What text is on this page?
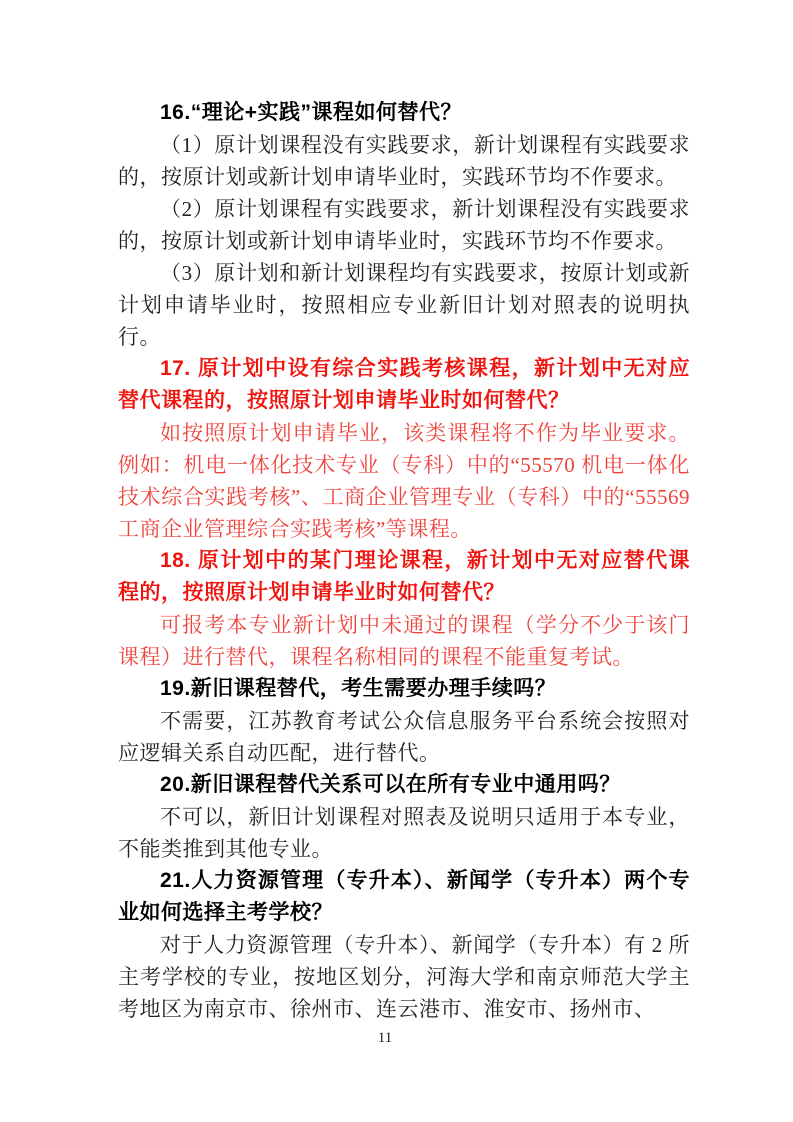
16.“理论+实践”课程如何替代？

（1）原计划课程没有实践要求，新计划课程有实践要求的，按原计划或新计划申请毕业时，实践环节均不作要求。

（2）原计划课程有实践要求，新计划课程没有实践要求的，按原计划或新计划申请毕业时，实践环节均不作要求。

（3）原计划和新计划课程均有实践要求，按原计划或新计划申请毕业时，按照相应专业新旧计划对照表的说明执行。

17. 原计划中设有综合实践考核课程，新计划中无对应替代课程的，按照原计划申请毕业时如何替代？

如按照原计划申请毕业，该类课程将不作为毕业要求。例如：机电一体化技术专业（专科）中的“55570 机电一体化技术综合实践考核”、工商企业管理专业（专科）中的“55569 工商企业管理综合实践考核”等课程。

18. 原计划中的某门理论课程，新计划中无对应替代课程的，按照原计划申请毕业时如何替代？

可报考本专业新计划中未通过的课程（学分不少于该门课程）进行替代，课程名称相同的课程不能重复考试。

19.新旧课程替代，考生需要办理手续吗？

不需要，江苏教育考试公众信息服务平台系统会按照对应逻辑关系自动匹配，进行替代。

20.新旧课程替代关系可以在所有专业中通用吗？

不可以，新旧计划课程对照表及说明只适用于本专业，不能类推到其他专业。

21.人力资源管理（专升本）、新闻学（专升本）两个专业如何选择主考学校？

对于人力资源管理（专升本）、新闻学（专升本）有 2 所主考学校的专业，按地区划分，河海大学和南京师范大学主考地区为南京市、徐州市、连云港市、淮安市、扬州市、

11
